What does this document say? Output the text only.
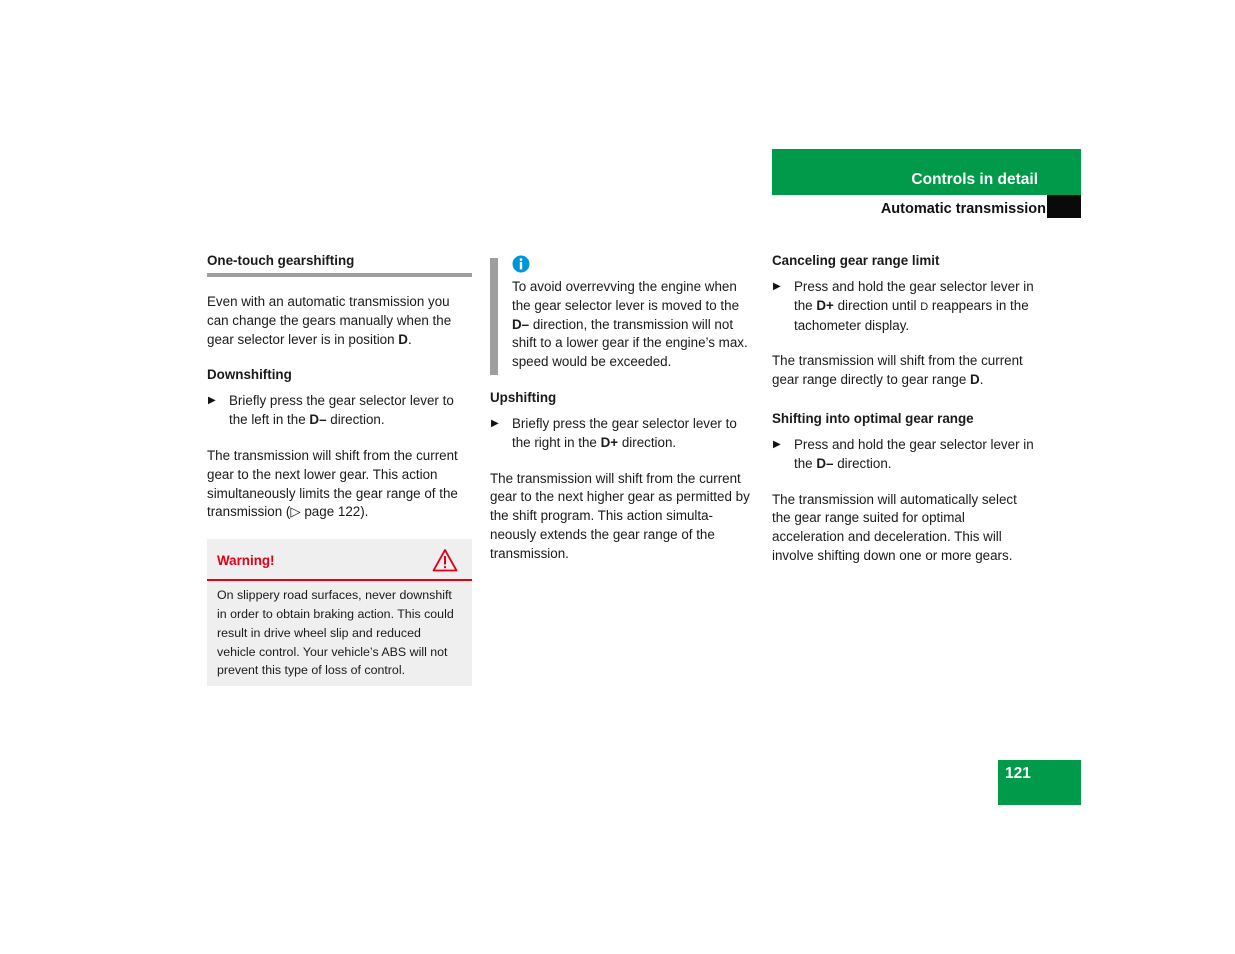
Controls in detail
Automatic transmission
One-touch gearshifting

Even with an automatic transmission you can change the gears manually when the gear selector lever is in position D.

Downshifting
▶ Briefly press the gear selector lever to the left in the D– direction.

The transmission will shift from the current gear to the next lower gear. This action simultaneously limits the gear range of the transmission (▷ page 122).

Warning!
On slippery road surfaces, never downshift in order to obtain braking action. This could result in drive wheel slip and reduced vehicle control. Your vehicle’s ABS will not prevent this type of loss of control.
To avoid overrevving the engine when the gear selector lever is moved to the D– direction, the transmission will not shift to a lower gear if the engine’s max. speed would be exceeded.
Upshifting
▶ Briefly press the gear selector lever to the right in the D+ direction.

The transmission will shift from the current gear to the next higher gear as permitted by the shift program. This action simulta-neously extends the gear range of the transmission.

Canceling gear range limit
▶ Press and hold the gear selector lever in the D+ direction until D reappears in the tachometer display.

The transmission will shift from the current gear range directly to gear range D.

Shifting into optimal gear range
▶ Press and hold the gear selector lever in the D– direction.

The transmission will automatically select the gear range suited for optimal acceleration and deceleration. This will involve shifting down one or more gears.

121
